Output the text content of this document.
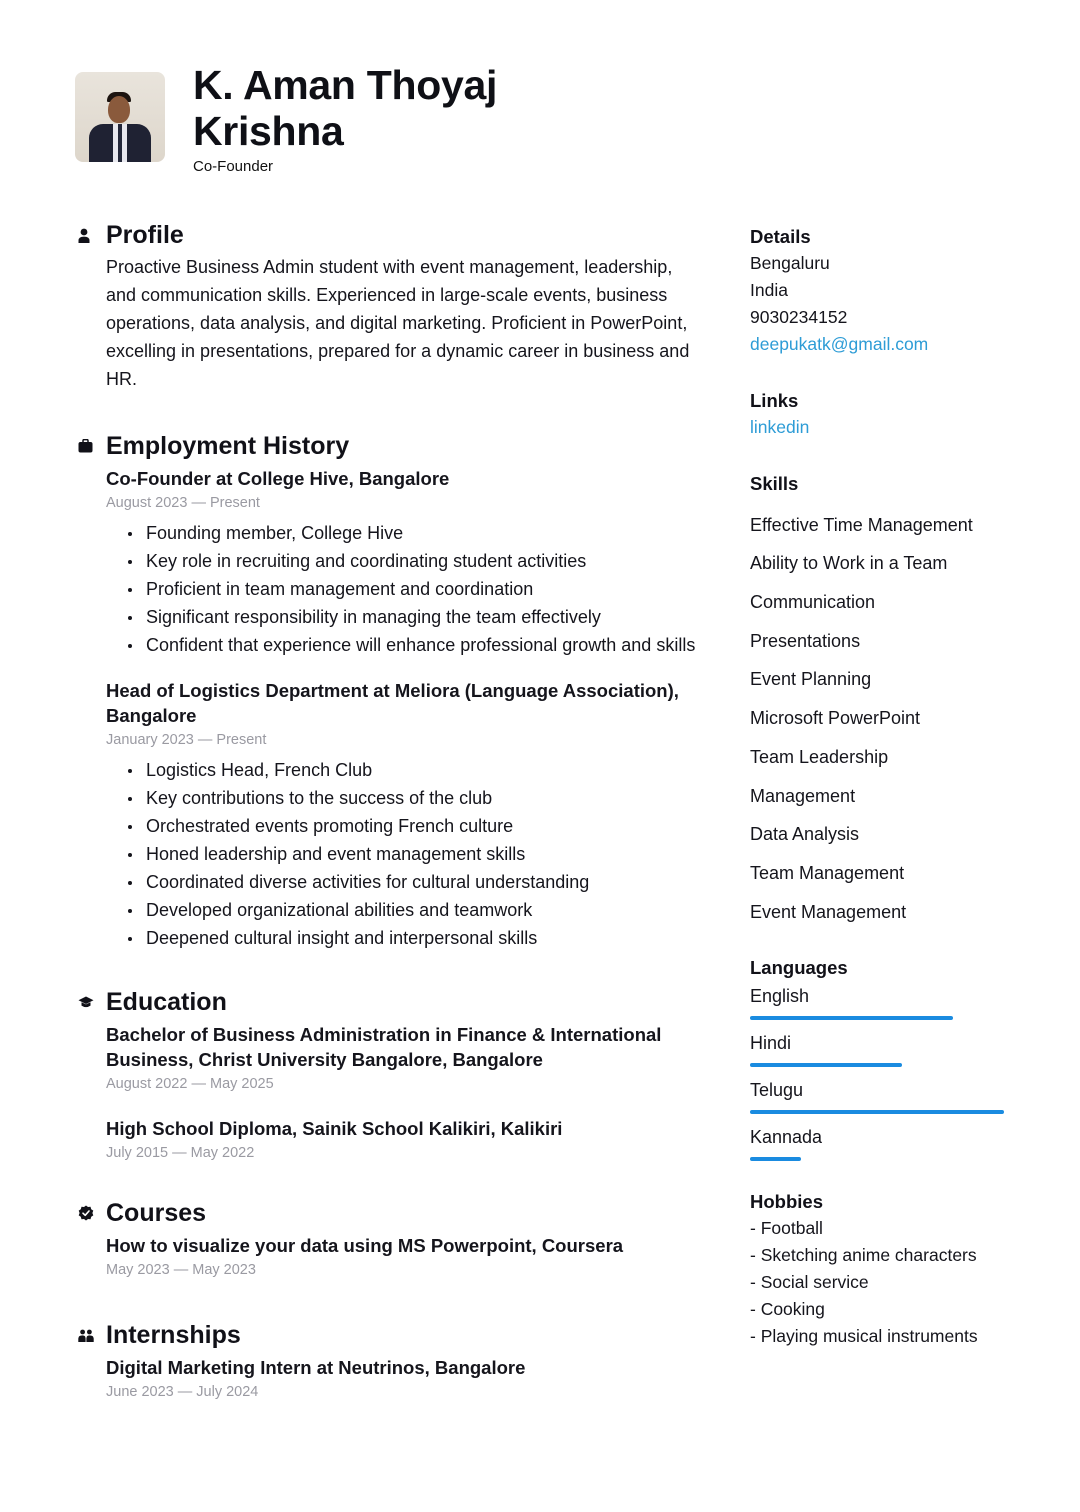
K. Aman Thoyaj
Krishna
Co-Founder
Profile

Proactive Business Admin student with event management, leadership, and communication skills. Experienced in large-scale events, business operations, data analysis, and digital marketing. Proficient in PowerPoint, excelling in presentations, prepared for a dynamic career in business and HR.

Employment History
Co-Founder at College Hive, Bangalore
August 2023 — Present
Founding member, College Hive
Key role in recruiting and coordinating student activities
Proficient in team management and coordination
Significant responsibility in managing the team effectively
Confident that experience will enhance professional growth and skills
Head of Logistics Department at Meliora (Language Association), Bangalore
January 2023 — Present
Logistics Head, French Club
Key contributions to the success of the club
Orchestrated events promoting French culture
Honed leadership and event management skills
Coordinated diverse activities for cultural understanding
Developed organizational abilities and teamwork
Deepened cultural insight and interpersonal skills
Education
Bachelor of Business Administration in Finance & International Business, Christ University Bangalore, Bangalore
August 2022 — May 2025
High School Diploma, Sainik School Kalikiri, Kalikiri
July 2015 — May 2022
Courses
How to visualize your data using MS Powerpoint, Coursera
May 2023 — May 2023
Internships
Digital Marketing Intern at Neutrinos, Bangalore
June 2023 — July 2024
Details
Bengaluru
India
9030234152
deepukatk@gmail.com
Links
linkedin
Skills
Effective Time Management
Ability to Work in a Team
Communication
Presentations
Event Planning
Microsoft PowerPoint
Team Leadership
Management
Data Analysis
Team Management
Event Management
Languages
English
Hindi
Telugu
Kannada
Hobbies
- Football
- Sketching anime characters
- Social service
- Cooking
- Playing musical instruments
